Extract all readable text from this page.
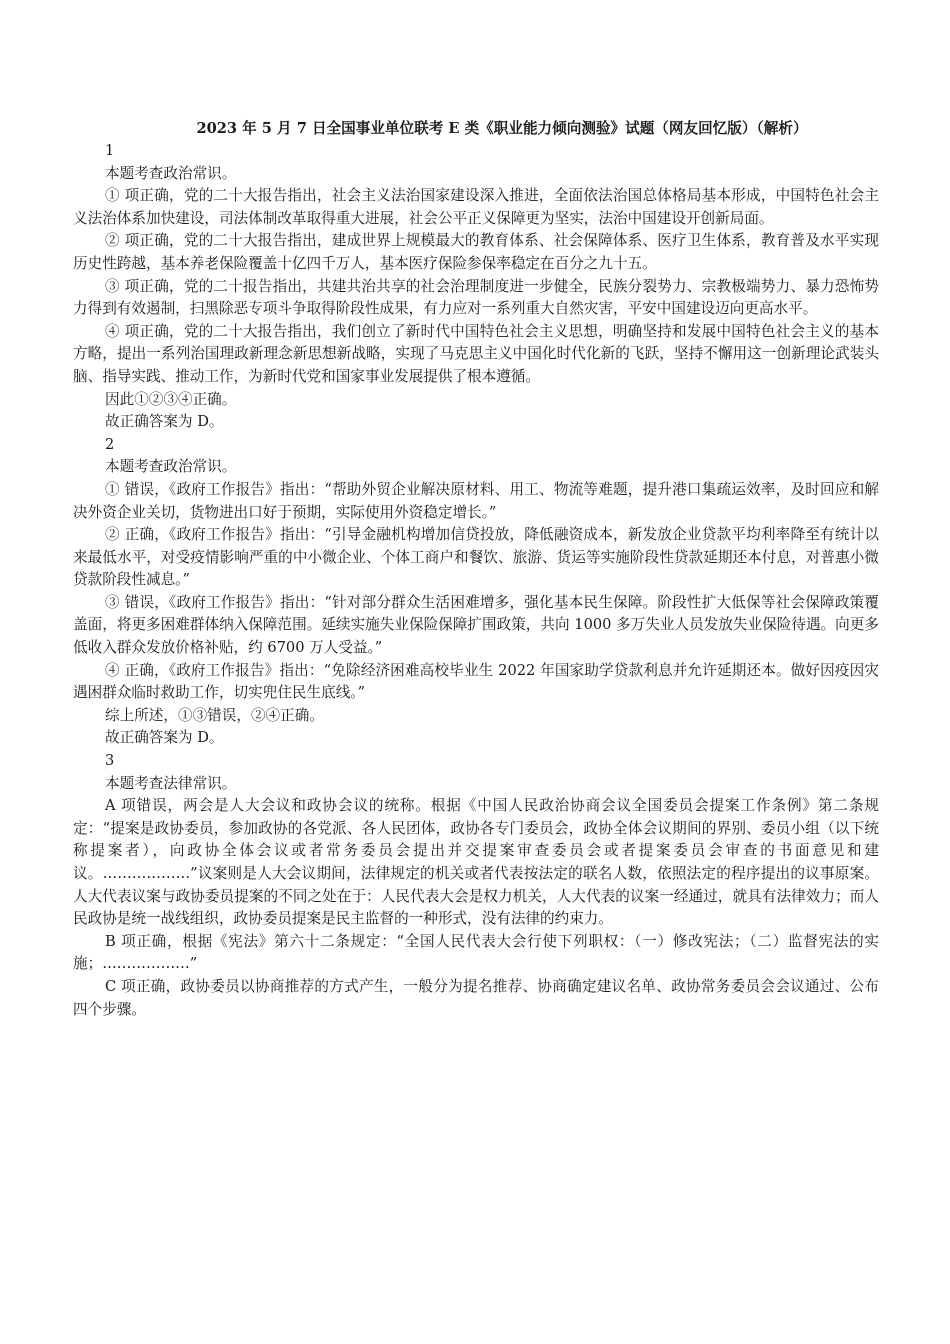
2023 年 5 月 7 日全国事业单位联考 E 类《职业能力倾向测验》试题（网友回忆版）（解析）

1

本题考查政治常识。

① 项正确，党的二十大报告指出，社会主义法治国家建设深入推进，全面依法治国总体格局基本形成，中国特色社会主义法治体系加快建设，司法体制改革取得重大进展，社会公平正义保障更为坚实，法治中国建设开创新局面。

② 项正确，党的二十大报告指出，建成世界上规模最大的教育体系、社会保障体系、医疗卫生体系，教育普及水平实现历史性跨越，基本养老保险覆盖十亿四千万人，基本医疗保险参保率稳定在百分之九十五。

③ 项正确，党的二十报告指出，共建共治共享的社会治理制度进一步健全，民族分裂势力、宗教极端势力、暴力恐怖势力得到有效遏制，扫黑除恶专项斗争取得阶段性成果，有力应对一系列重大自然灾害，平安中国建设迈向更高水平。

④ 项正确，党的二十大报告指出，我们创立了新时代中国特色社会主义思想，明确坚持和发展中国特色社会主义的基本方略，提出一系列治国理政新理念新思想新战略，实现了马克思主义中国化时代化新的飞跃，坚持不懈用这一创新理论武装头脑、指导实践、推动工作，为新时代党和国家事业发展提供了根本遵循。

因此①②③④正确。

故正确答案为 D。

2

本题考查政治常识。

① 错误，《政府工作报告》指出：“帮助外贸企业解决原材料、用工、物流等难题，提升港口集疏运效率，及时回应和解决外资企业关切，货物进出口好于预期，实际使用外资稳定增长。”

② 正确，《政府工作报告》指出：“引导金融机构增加信贷投放，降低融资成本，新发放企业贷款平均利率降至有统计以来最低水平，对受疫情影响严重的中小微企业、个体工商户和餐饮、旅游、货运等实施阶段性贷款延期还本付息，对普惠小微贷款阶段性减息。”

③ 错误，《政府工作报告》指出：“针对部分群众生活困难增多，强化基本民生保障。阶段性扩大低保等社会保障政策覆盖面，将更多困难群体纳入保障范围。延续实施失业保险保障扩围政策，共向 1000 多万失业人员发放失业保险待遇。向更多低收入群众发放价格补贴，约 6700 万人受益。”

④ 正确，《政府工作报告》指出：“免除经济困难高校毕业生 2022 年国家助学贷款利息并允许延期还本。做好因疫因灾遇困群众临时救助工作，切实兜住民生底线。”

综上所述，①③错误，②④正确。

故正确答案为 D。

3

本题考查法律常识。

A 项错误，两会是人大会议和政协会议的统称。根据《中国人民政治协商会议全国委员会提案工作条例》第二条规定：“提案是政协委员，参加政协的各党派、各人民团体，政协各专门委员会，政协全体会议期间的界别、委员小组（以下统称提案者），向政协全体会议或者常务委员会提出并交提案审查委员会或者提案委员会审查的书面意见和建议。………………”议案则是人大会议期间，法律规定的机关或者代表按法定的联名人数，依照法定的程序提出的议事原案。人大代表议案与政协委员提案的不同之处在于：人民代表大会是权力机关，人大代表的议案一经通过，就具有法律效力；而人民政协是统一战线组织，政协委员提案是民主监督的一种形式，没有法律的约束力。

B 项正确，根据《宪法》第六十二条规定：“全国人民代表大会行使下列职权：（一）修改宪法；（二）监督宪法的实施；………………”

C 项正确，政协委员以协商推荐的方式产生，一般分为提名推荐、协商确定建议名单、政协常务委员会会议通过、公布四个步骤。
